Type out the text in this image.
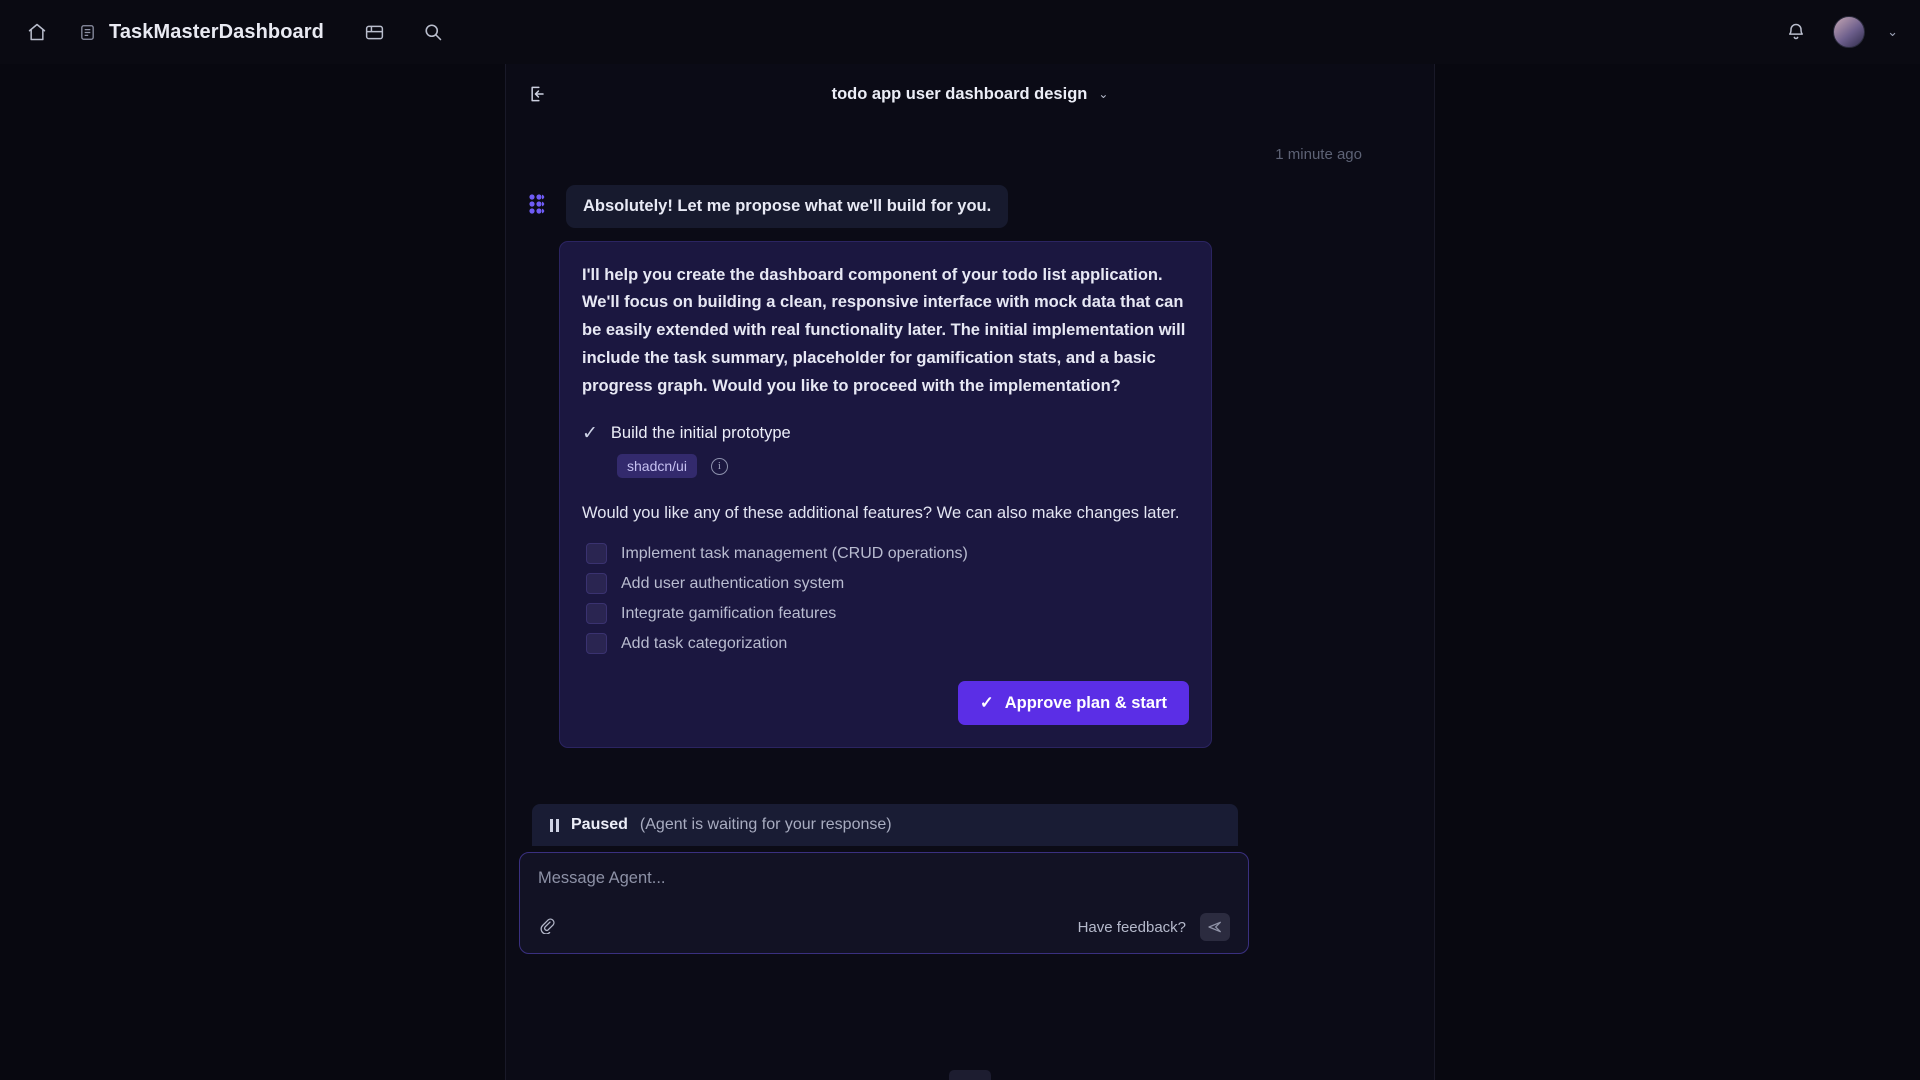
TaskMasterDashboard	⌄
todo app user dashboard design ⌄
1 minute ago
Absolutely! Let me propose what we'll build for you.
I'll help you create the dashboard component of your todo list application. We'll focus on building a clean, responsive interface with mock data that can be easily extended with real functionality later. The initial implementation will include the task summary, placeholder for gamification stats, and a basic progress graph. Would you like to proceed with the implementation?
✓ Build the initial prototype
shadcn/ui	i
Would you like any of these additional features? We can also make changes later.
Implement task management (CRUD operations)
Add user authentication system
Integrate gamification features
Add task categorization
✓ Approve plan & start
Paused (Agent is waiting for your response)
Message Agent...
Have feedback?
